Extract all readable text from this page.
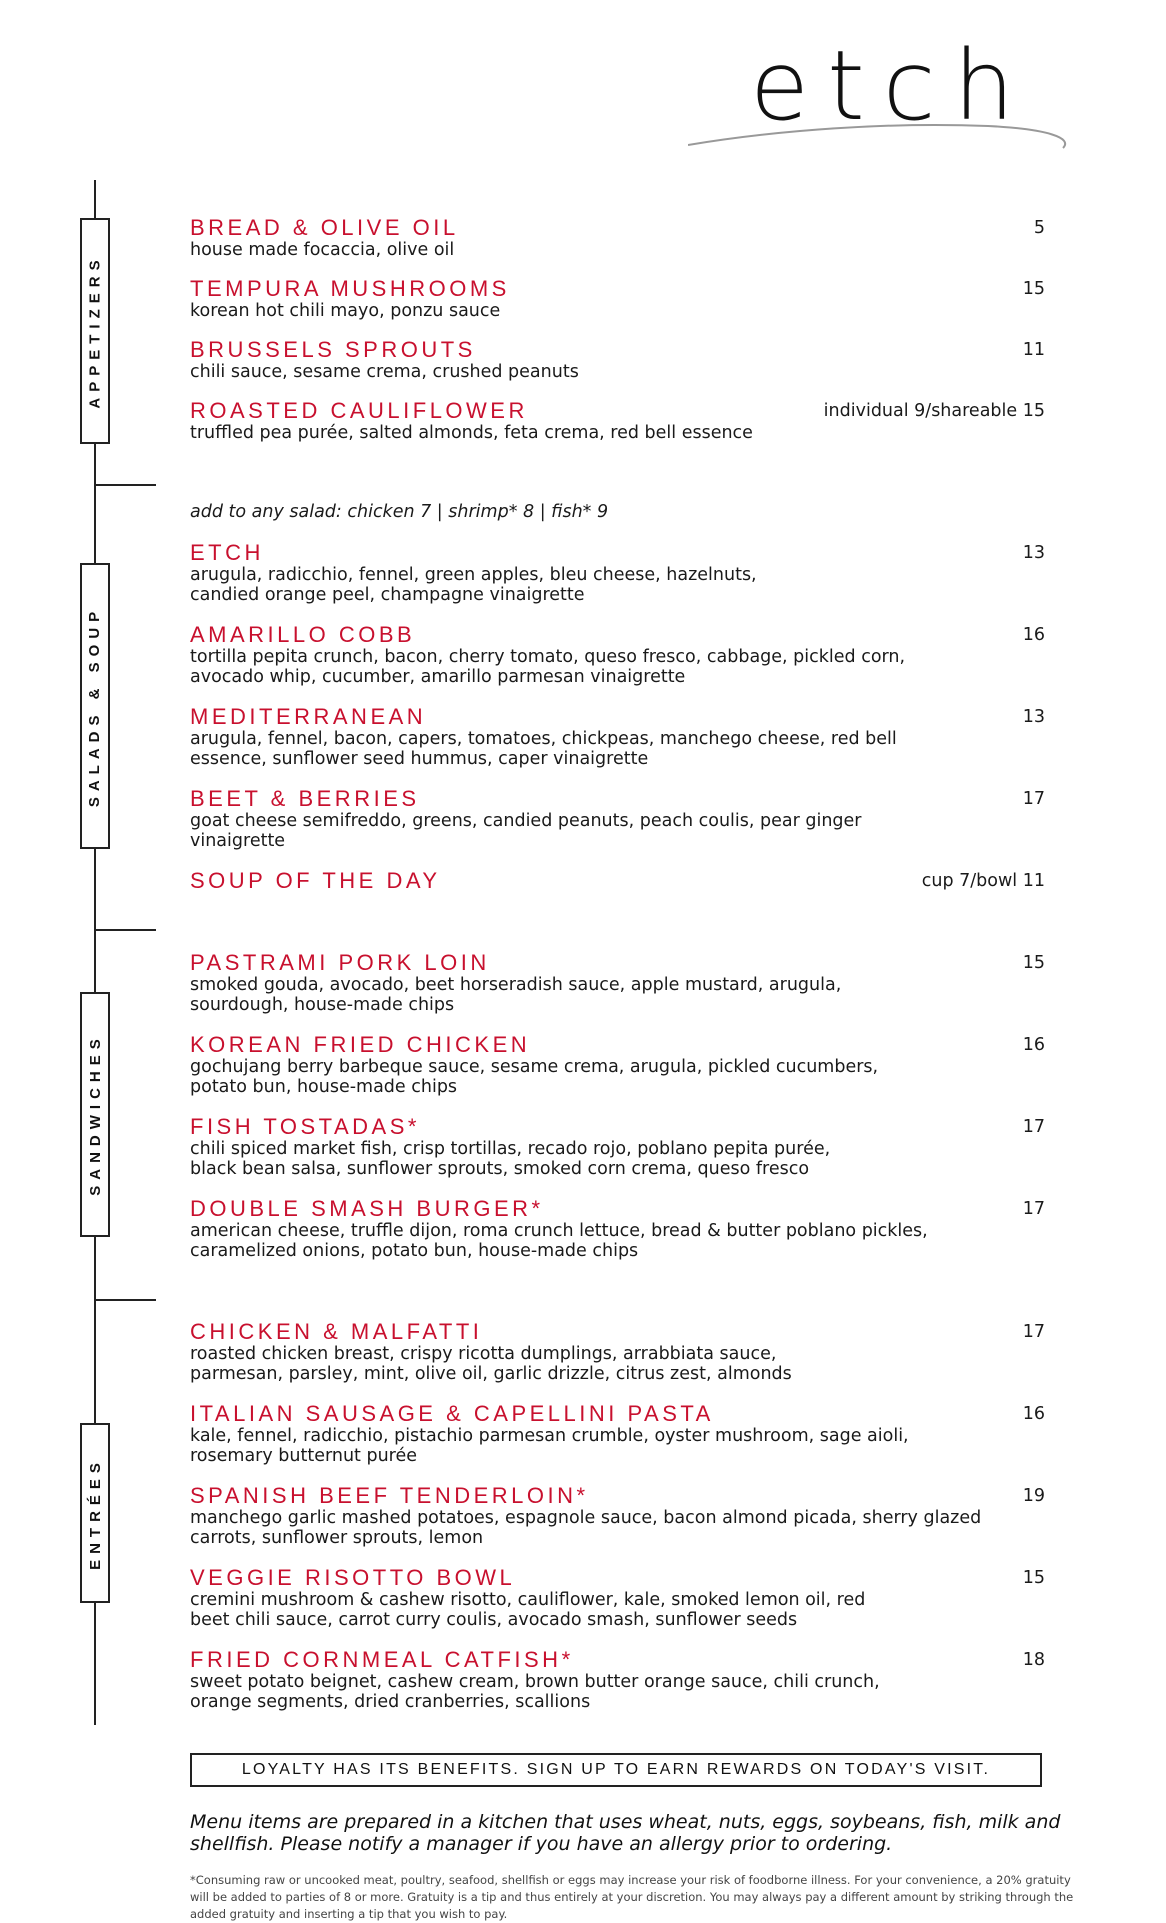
etch
APPETIZERS
SALADS & SOUP
SANDWICHES
ENTRÉES
BREAD & OLIVE OIL
house made focaccia, olive oil
5
TEMPURA MUSHROOMS
korean hot chili mayo, ponzu sauce
15
BRUSSELS SPROUTS
chili sauce, sesame crema, crushed peanuts
11
ROASTED CAULIFLOWER
truffled pea purée, salted almonds, feta crema, red bell essence
individual 9/shareable 15
add to any salad: chicken 7 | shrimp* 8 | fish* 9
ETCH
arugula, radicchio, fennel, green apples, bleu cheese, hazelnuts, candied orange peel, champagne vinaigrette
13
AMARILLO COBB
tortilla pepita crunch, bacon, cherry tomato, queso fresco, cabbage, pickled corn, avocado whip, cucumber, amarillo parmesan vinaigrette
16
MEDITERRANEAN
arugula, fennel, bacon, capers, tomatoes, chickpeas, manchego cheese, red bell essence, sunflower seed hummus, caper vinaigrette
13
BEET & BERRIES
goat cheese semifreddo, greens, candied peanuts, peach coulis, pear ginger vinaigrette
17
SOUP OF THE DAY	cup 7/bowl 11
PASTRAMI PORK LOIN
smoked gouda, avocado, beet horseradish sauce, apple mustard, arugula, sourdough, house-made chips
15
KOREAN FRIED CHICKEN
gochujang berry barbeque sauce, sesame crema, arugula, pickled cucumbers, potato bun, house-made chips
16
FISH TOSTADAS*
chili spiced market fish, crisp tortillas, recado rojo, poblano pepita purée, black bean salsa, sunflower sprouts, smoked corn crema, queso fresco
17
DOUBLE SMASH BURGER*
american cheese, truffle dijon, roma crunch lettuce, bread & butter poblano pickles, caramelized onions, potato bun, house-made chips
17
CHICKEN & MALFATTI
roasted chicken breast, crispy ricotta dumplings, arrabbiata sauce, parmesan, parsley, mint, olive oil, garlic drizzle, citrus zest, almonds
17
ITALIAN SAUSAGE & CAPELLINI PASTA
kale, fennel, radicchio, pistachio parmesan crumble, oyster mushroom, sage aioli, rosemary butternut purée
16
SPANISH BEEF TENDERLOIN*
manchego garlic mashed potatoes, espagnole sauce, bacon almond picada, sherry glazed carrots, sunflower sprouts, lemon
19
VEGGIE RISOTTO BOWL
cremini mushroom & cashew risotto, cauliflower, kale, smoked lemon oil, red beet chili sauce, carrot curry coulis, avocado smash, sunflower seeds
15
FRIED CORNMEAL CATFISH*
sweet potato beignet, cashew cream, brown butter orange sauce, chili crunch, orange segments, dried cranberries, scallions
18
LOYALTY HAS ITS BENEFITS. SIGN UP TO EARN REWARDS ON TODAY'S VISIT.
Menu items are prepared in a kitchen that uses wheat, nuts, eggs, soybeans, fish, milk and shellfish. Please notify a manager if you have an allergy prior to ordering.
*Consuming raw or uncooked meat, poultry, seafood, shellfish or eggs may increase your risk of foodborne illness. For your convenience, a 20% gratuity will be added to parties of 8 or more. Gratuity is a tip and thus entirely at your discretion. You may always pay a different amount by striking through the added gratuity and inserting a tip that you wish to pay.
